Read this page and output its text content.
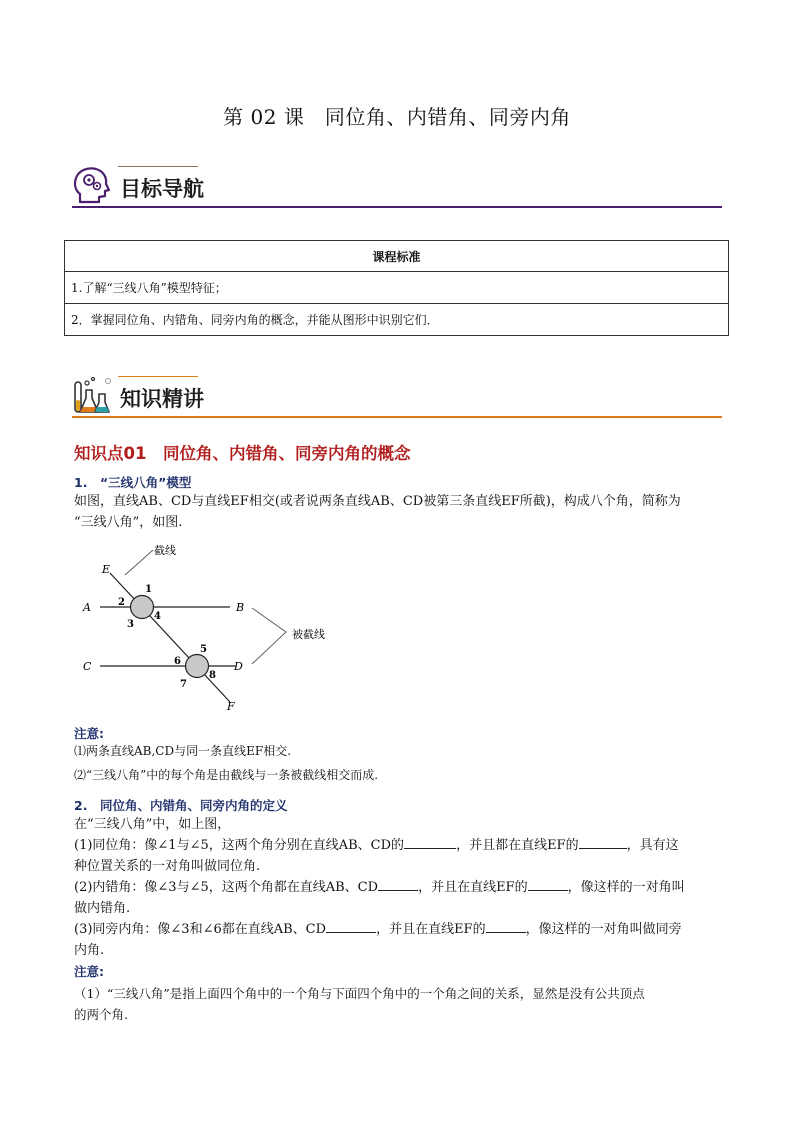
第 02 课　同位角、内错角、同旁内角
目标导航
课程标准
1.了解“三线八角”模型特征；
2．掌握同位角、内错角、同旁内角的概念，并能从图形中识别它们．
知识精讲
知识点01　同位角、内错角、同旁内角的概念
1.　“三线八角”模型
如图，直线AB、CD与直线EF相交(或者说两条直线AB、CD被第三条直线EF所截)，构成八个角，简称为
“三线八角”，如图.
截线
被截线
E
A	B
C	D
F
1
2
3
4
5
6
7
8
注意:
⑴两条直线AB,CD与同一条直线EF相交.
⑵“三线八角”中的每个角是由截线与一条被截线相交而成.
2.　同位角、内错角、同旁内角的定义
在“三线八角”中，如上图，
(1)同位角：像∠1与∠5，这两个角分别在直线AB、CD的	，并且都在直线EF的	，具有这
种位置关系的一对角叫做同位角.
(2)内错角：像∠3与∠5，这两个角都在直线AB、CD	，并且在直线EF的	，像这样的一对角叫
做内错角.
(3)同旁内角：像∠3和∠6都在直线AB、CD	，并且在直线EF的	，像这样的一对角叫做同旁
内角.
注意:
（1）“三线八角”是指上面四个角中的一个角与下面四个角中的一个角之间的关系，显然是没有公共顶点
的两个角.
